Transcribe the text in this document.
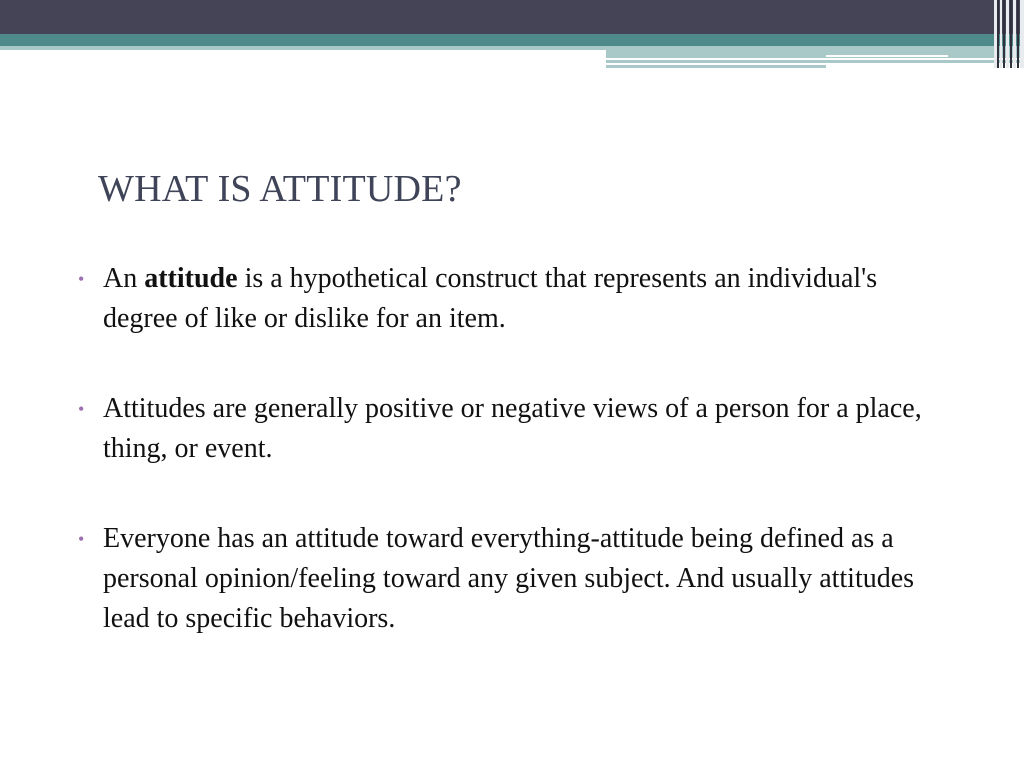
WHAT IS ATTITUDE?
• An attitude is a hypothetical construct that represents an individual's degree of like or dislike for an item.
• Attitudes are generally positive or negative views of a person for a place, thing, or event.
• Everyone has an attitude toward everything-attitude being defined as a personal opinion/feeling toward any given subject. And usually attitudes lead to specific behaviors.
